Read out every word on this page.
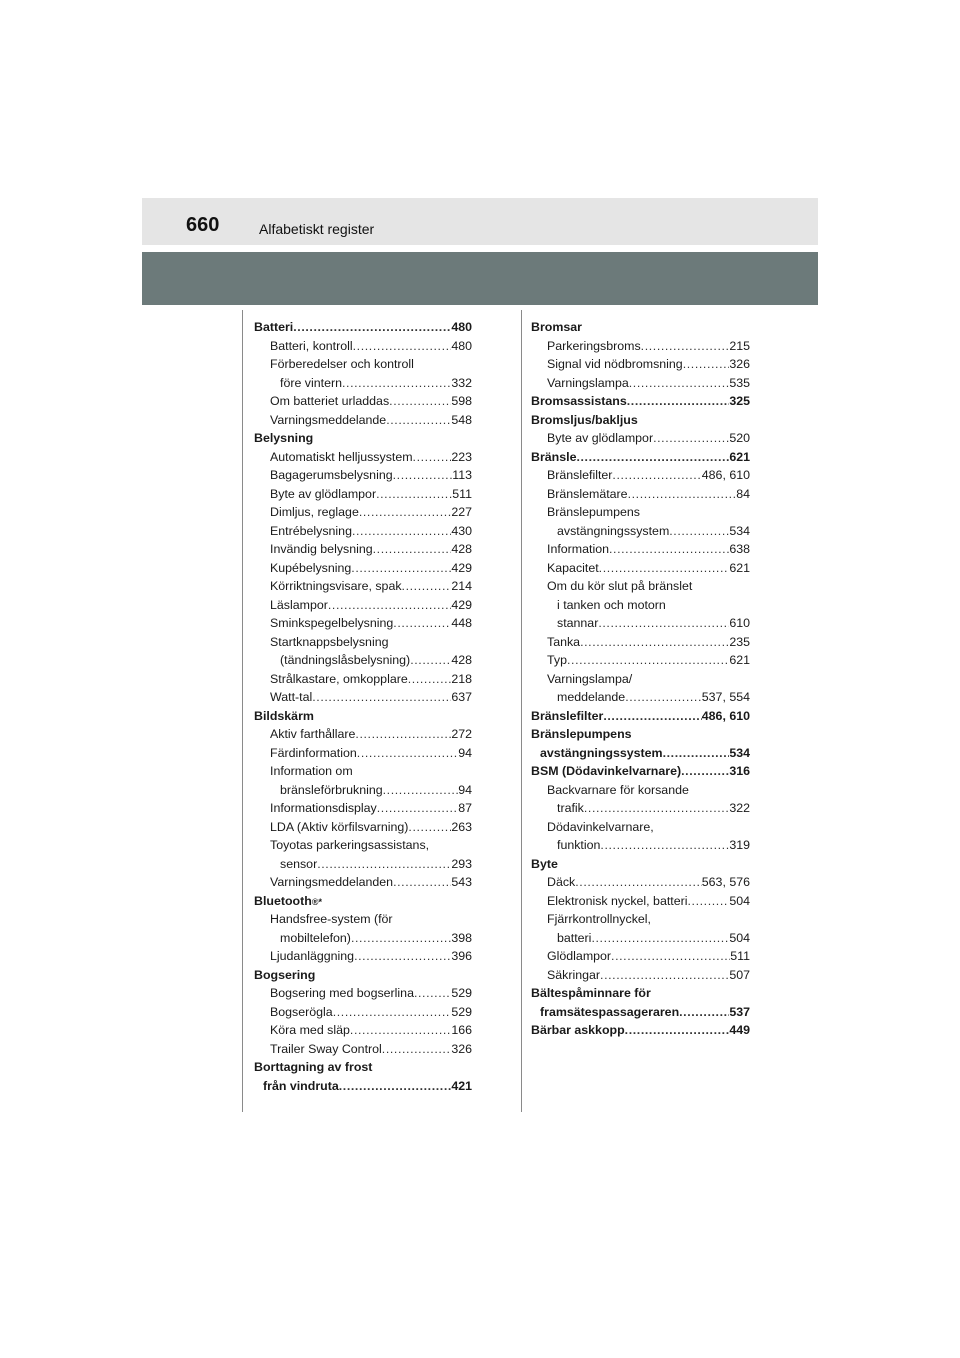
660	Alfabetiskt register
Batteri .....	480
Batteri, kontroll .....	480
Förberedelser och kontroll
före vintern .....	332
Om batteriet urladdas .....	598
Varningsmeddelande .....	548
Belysning
Automatiskt helljussystem .....	223
Bagagerumsbelysning .....	113
Byte av glödlampor .....	511
Dimljus, reglage .....	227
Entrébelysning .....	430
Invändig belysning .....	428
Kupébelysning .....	429
Körriktningsvisare, spak .....	214
Läslampor .....	429
Sminkspegelbelysning .....	448
Startknappsbelysning
(tändningslåsbelysning) .....	428
Strålkastare, omkopplare .....	218
Watt-tal .....	637
Bildskärm
Aktiv farthållare .....	272
Färdinformation .....	94
Information om
bränsleförbrukning .....	94
Informationsdisplay .....	87
LDA (Aktiv körfilsvarning) .....	263
Toyotas parkeringsassistans,
sensor .....	293
Varningsmeddelanden .....	543
Bluetooth ®*
Handsfree-system (för
mobiltelefon) .....	398
Ljudanläggning .....	396
Bogsering
Bogsering med bogserlina .....	529
Bogserögla .....	529
Köra med släp .....	166
Trailer Sway Control .....	326
Borttagning av frost
från vindruta .....	421
Bromsar
Parkeringsbroms .....	215
Signal vid nödbromsning .....	326
Varningslampa .....	535
Bromsassistans .....	325
Bromsljus/bakljus
Byte av glödlampor .....	520
Bränsle .....	621
Bränslefilter .....	486, 610
Bränslemätare .....	84
Bränslepumpens
avstängningssystem .....	534
Information .....	638
Kapacitet .....	621
Om du kör slut på bränslet
i tanken och motorn
stannar .....	610
Tanka .....	235
Typ .....	621
Varningslampa/
meddelande .....	537, 554
Bränslefilter .....	486, 610
Bränslepumpens
avstängningssystem .....	534
BSM (Dödavinkelvarnare) .....	316
Backvarnare för korsande
trafik .....	322
Dödavinkelvarnare,
funktion .....	319
Byte
Däck .....	563, 576
Elektronisk nyckel, batteri .....	504
Fjärrkontrollnyckel,
batteri .....	504
Glödlampor .....	511
Säkringar .....	507
Bältespåminnare för
framsätespassageraren .....	537
Bärbar askkopp .....	449
